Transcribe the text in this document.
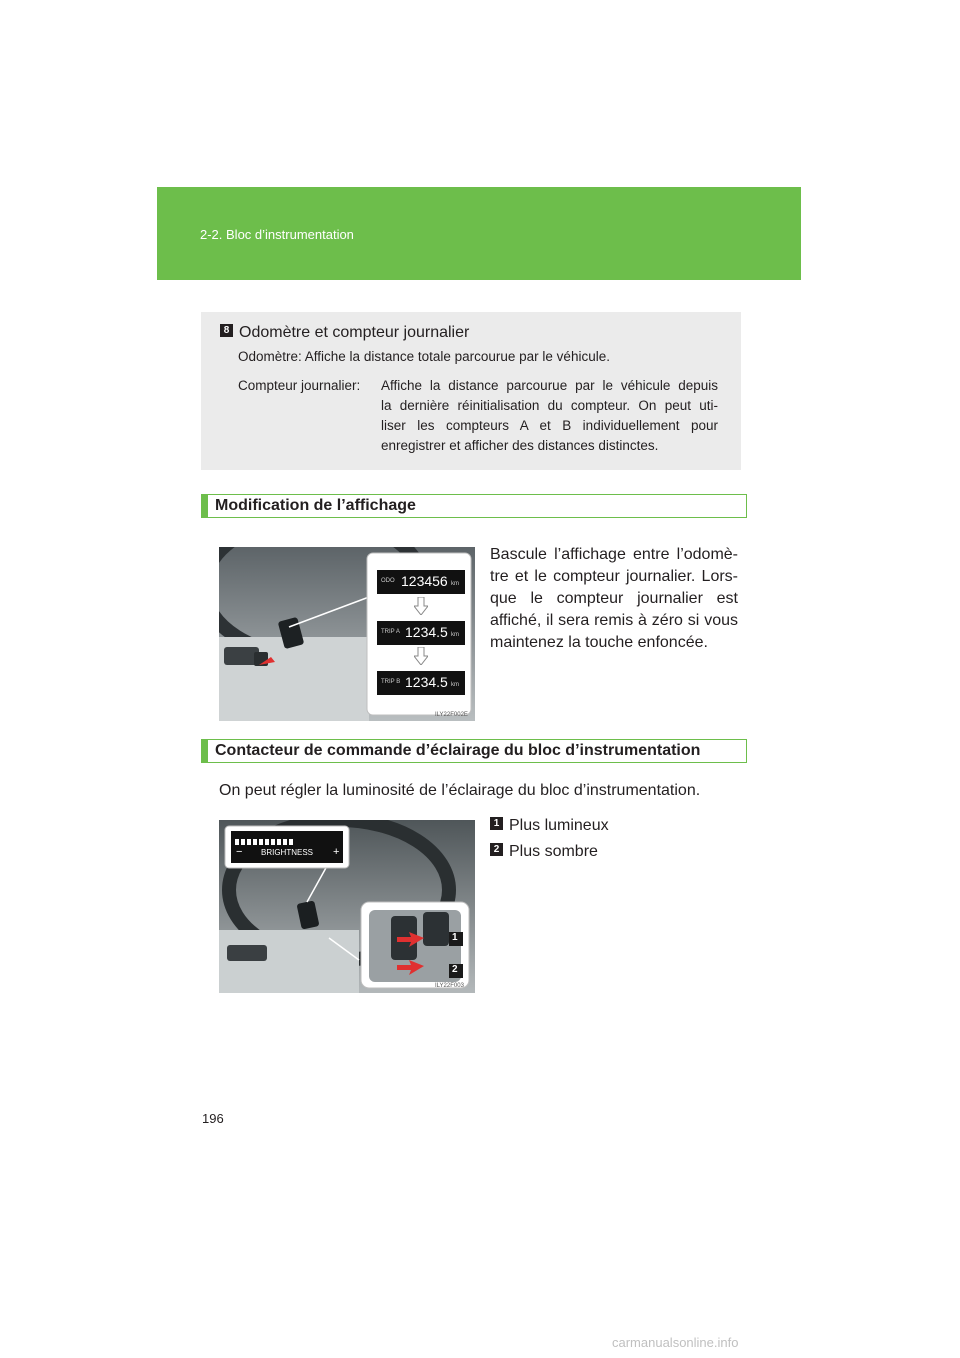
2-2. Bloc d’instrumentation
8 Odomètre et compteur journalier
Odomètre: Affiche la distance totale parcourue par le véhicule.
Compteur journalier: Affiche la distance parcourue par le véhicule depuis
la dernière réinitialisation du compteur. On peut uti-
liser les compteurs A et B individuellement pour
enregistrer et afficher des distances distinctes.
Modification de l’affichage
ODO 123456 km
TRIP A 1234.5 km
TRIP B 1234.5 km
ILY22F002E
Bascule l’affichage entre l’odomè-
tre et le compteur journalier. Lors-
que le compteur journalier est
affiché, il sera remis à zéro si vous
maintenez la touche enfoncée.
Contacteur de commande d’éclairage du bloc d’instrumentation
On peut régler la luminosité de l’éclairage du bloc d’instrumentation.
− BRIGHTNESS +
1
2
ILY22F003
1 Plus lumineux
2 Plus sombre
196
carmanualsonline.info
